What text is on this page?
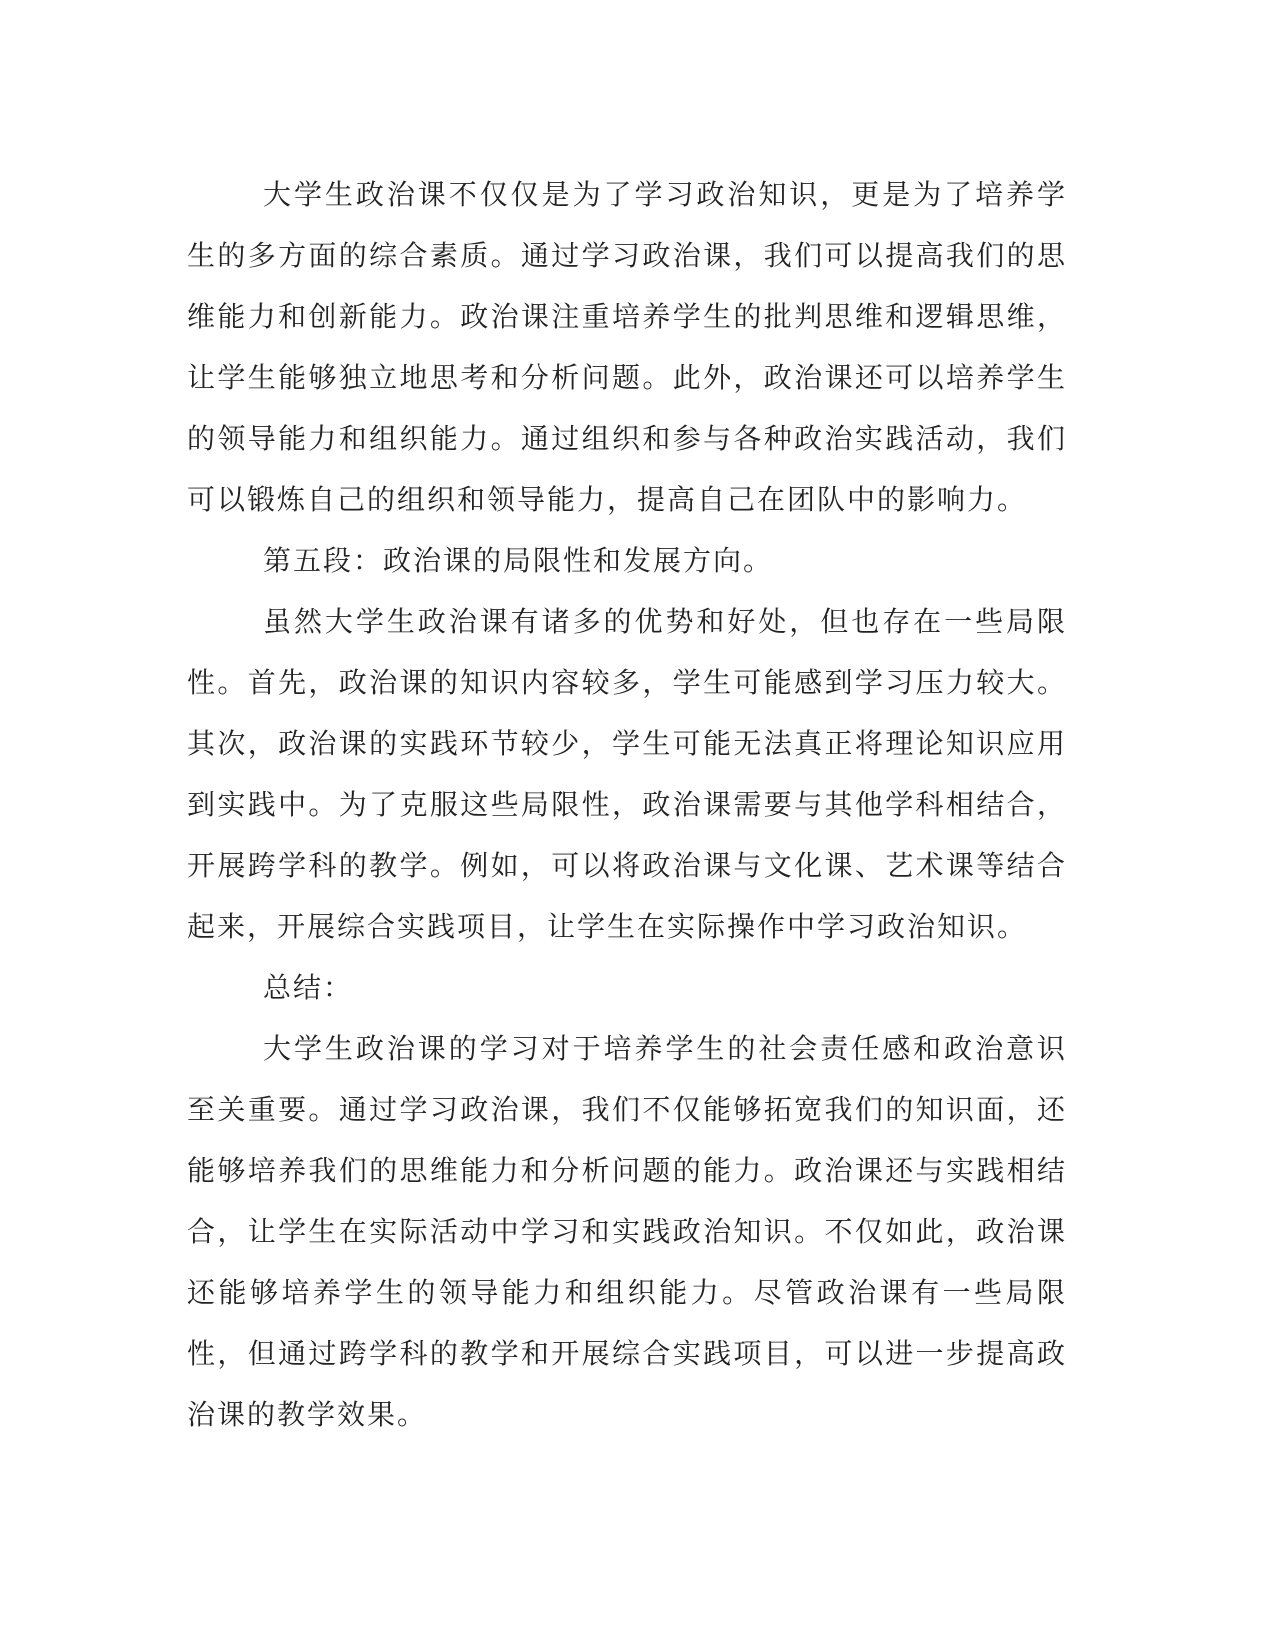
大学生政治课不仅仅是为了学习政治知识，更是为了培养学生的多方面的综合素质。通过学习政治课，我们可以提高我们的思维能力和创新能力。政治课注重培养学生的批判思维和逻辑思维，让学生能够独立地思考和分析问题。此外，政治课还可以培养学生的领导能力和组织能力。通过组织和参与各种政治实践活动，我们可以锻炼自己的组织和领导能力，提高自己在团队中的影响力。

第五段：政治课的局限性和发展方向。

虽然大学生政治课有诸多的优势和好处，但也存在一些局限性。首先，政治课的知识内容较多，学生可能感到学习压力较大。其次，政治课的实践环节较少，学生可能无法真正将理论知识应用到实践中。为了克服这些局限性，政治课需要与其他学科相结合，开展跨学科的教学。例如，可以将政治课与文化课、艺术课等结合起来，开展综合实践项目，让学生在实际操作中学习政治知识。

总结：

大学生政治课的学习对于培养学生的社会责任感和政治意识至关重要。通过学习政治课，我们不仅能够拓宽我们的知识面，还能够培养我们的思维能力和分析问题的能力。政治课还与实践相结合，让学生在实际活动中学习和实践政治知识。不仅如此，政治课还能够培养学生的领导能力和组织能力。尽管政治课有一些局限性，但通过跨学科的教学和开展综合实践项目，可以进一步提高政治课的教学效果。
